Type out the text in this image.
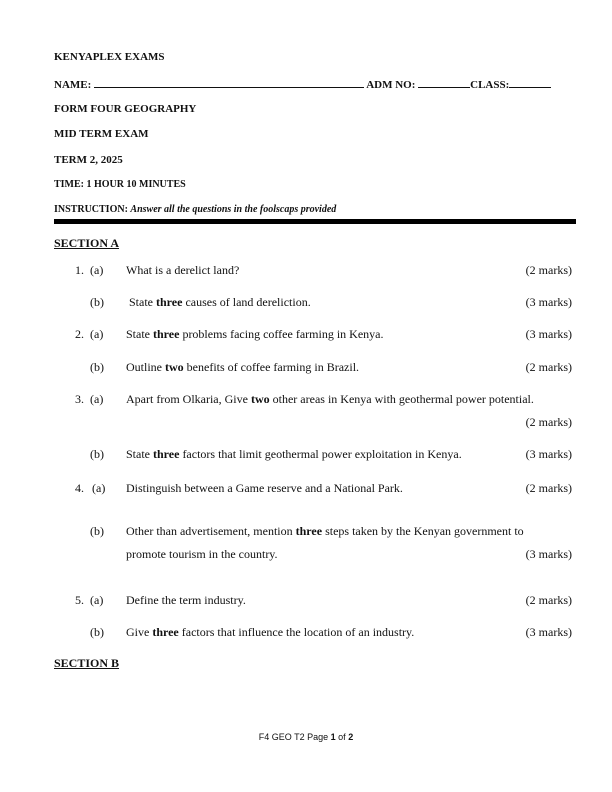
KENYAPLEX EXAMS
NAME:	ADM NO:	CLASS:
FORM FOUR GEOGRAPHY
MID TERM EXAM
TERM 2, 2025
TIME: 1 HOUR 10 MINUTES
INSTRUCTION: Answer all the questions in the foolscaps provided
SECTION A
1. (a) What is a derelict land?	(2 marks)
(b) State three causes of land dereliction.	(3 marks)
2. (a) State three problems facing coffee farming in Kenya.	(3 marks)
(b) Outline two benefits of coffee farming in Brazil.	(2 marks)
3. (a) Apart from Olkaria, Give two other areas in Kenya with geothermal power potential.
(2 marks)
(b) State three factors that limit geothermal power exploitation in Kenya.	(3 marks)
4. (a) Distinguish between a Game reserve and a National Park.	(2 marks)
(b) Other than advertisement, mention three steps taken by the Kenyan government to
promote tourism in the country.	(3 marks)
5. (a) Define the term industry.	(2 marks)
(b) Give three factors that influence the location of an industry.	(3 marks)
SECTION B
F4 GEO T2 Page 1 of 2
